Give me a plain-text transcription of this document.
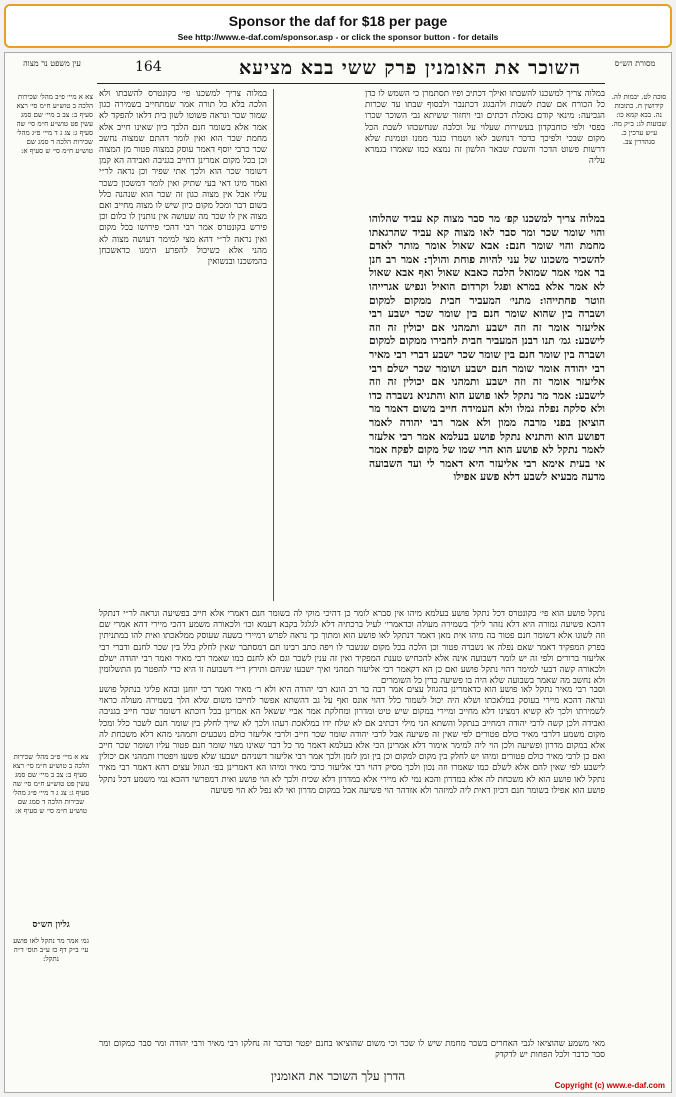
Sponsor the daf for $18 per page
See http://www.e-daf.com/sponsor.asp - or click the sponsor button - for details
מסורת הש״ס
השוכר את האומנין פרק ששי בבא מציעא
164
עין משפט נר מצוה
סוכה לט. יבמות לה. קידושין ח. כתובות נה. בבא קמא כו: שבועות לג: ב״ק מה. ע״ש ערכין כ. סנהדרין צב.
צא א מיי׳ פ״ב מהל׳ שכירות הלכה ב טוש״ע ח״מ סי׳ רצא סעיף ב: צב ב מיי׳ שם סמג עשין פט טוש״ע ח״מ סי׳ שה סעיף ג: צג ג ד מיי׳ פ״ג מהל׳ שכירות הלכה ד סמג שם טוש״ע ח״מ סי׳ ש סעיף א:
במלוה צריך למשכנו להשבתו ואילך דכתיב ופיו תסתמרן כי השמש לו כדן כל הכורח אם שבת לשבות ולהבגוג דכתנבר ולבסוף שבתו עד שכרות הגכיעה: מינאי קודם נאכלת דכתים ובי ויחזור ששיתא גבי השוכר שכרו בפסי ולפי כוחבקדון בעשירות שעלוי על וכלבה שנחשבהו לשבת הכל מקום שבכי ולפיכך כדכר דנחשב לאו ושמרו כנגד ממנו וטמינת שלא דרשות פשוט הדכר והשבת שבאר הלשון זה נמצא כמו שאמרו בגמרא עליה
במלוה צריך למשכנו פי׳ בקונטרס להשבתו ולא הלכה בלא כל תורה אמר שמתחייב בשמירה כגון שמור שכר ונראה פשוטו לשון בית דלאו להפקד לא אמר אלא בשומר חנם הלכך כיון שאינו חייב אלא מחמת שכר הוא ואין לומר דהתם שמצוה נחשב שכר כרבי יוסף דאמר עוסק במצוה פטור מן המצוה וכן בכל מקום אמרינן דחייב בגניבה ואבידה הא קמן דשומר שכר הוא ולכך אתי שפיר וכן נראה לר״י ואמר מיגו דאי בעי שתיק ואין לומר דמשכון כשכר עליו אבל אין מצוה כגון זה שכר הוא שנהנה כלל בשום דבר ומכל מקום כיון שיש לו מצוה מחייב ואם מצוה אין לו שכר מה שעושה אין נותנין לו כלום וכן פירש בקונטרס אמר רבי דהכי פירושו בכל מקום ואין נראה לר״י דהא מצי למימר דעושה מצוה לא מהני אלא כשיכול להפרע הימנו כדאשכחן בהמשכנו ובנשואין
במלוה צריך למשכנו קפ׳ מר סבר מצוה קא עביד שהלוהו והוי שומר שכר ומר סבר לאו מצוה קא עביד שהרגאתו מחמת והוי שומר חנם: אבא שאול אומר מותר לאדם להשכיר משכונו של עני להיות פוחת והולך: אמר רב חנן בר אמי אמר שמואל הלכה כאבא שאול ואף אבא שאול לא אמר אלא במרא ופגל וקרדום הואיל ונפיש אגרייהו וזוטר פחתייהו: מתני׳ המעביר חבית ממקום למקום ושברה בין שהוא שומר חנם בין שומר שכר ישבע רבי אליעזר אומר זה וזה ישבע ותמהני אם יכולין זה וזה לישבע: גמ׳ תנו רבנן המעביר חבית לחבירו ממקום למקום ושברה בין שומר חנם בין שומר שכר ישבע דברי רבי מאיר רבי יהודה אומר שומר חנם ישבע ושומר שכר ישלם רבי אליעזר אומר זה וזה ישבע ותמהני אם יכולין זה וזה לישבע: אמר מר נתקל לאו פושע הוא והתניא נשברה כדו ולא סלקה נפלה גמלו ולא העמידה חייב משום דאמר מר הוציאן בפני מרבה ממון ולא אמר רבי יהודה לאמר דפושע הוא והתניא נתקל פושע בעלמא אמר רבי אלעזר לאמר נתקל לא פושע הוא הרי שמו של מקום לפקח אמר אי בעית אימא רבי אליעזר היא דאמר לי ועד השבועה מדעה מבעיא לשבע דלא פשע אפילו
נתקל פושע הוא פי׳ בקונטרס דכל נתקל פושע בעלמא מיהו אין סברא לומר כן דהיכי מוקי לה בשומר חנם דאמרי אלא חייב בפשיעה ונראה לר״י דנתקל דהכא פשיעה גמורה היא דלא נזהר לילך בשמירה מעולה וכדאמרי׳ לעיל ברכתיה דלא לגלגל בקבא דעמא וכו׳ ולכאורה משמע דהכי מיירי דהא אמרי שם וזה לשונו אלא דשומר חנם פטור בה מיהו אית מאן דאמר דנתקל לאו פושע הוא ומתוך כך נראה לפרש דמיירי בשעה שעוסק ממלאכתו ואית להו במתניתין בפרק המפקיד דאמר שאם נפלה או נשברה פטור וכן הלכה בכל מקום שנשבר לו ויפה כתב רבינו תם דמסתבר שאין לחלק כלל בין שכר לחנם ודברי רבי אליעזר ברורים ולפי זה יש לומר דשבועה אינה אלא להכחיש טענת המפקיד ואין זה ענין לשכר וגם לא לחנם כמו שאמר רבי מאיר ואמר רבי יהודה ישלם ולכאורה קשה דבעי למימר דהוי נתקל פושע ואם כן הא דקאמר רבי אליעזר תמהני ואיך ישבעו שניהם ותירץ ר״י דשבועה זו היא כדי להפטר מן התשלומין ולא נחשב מה שאמר בשבועה שלא היה בו פשיעה כדין כל השומרים
וסבר רבי מאיר נתקל לאו פושע הוא כדאמרינן בהגוזל עצים אמר רבה בר רב הונא רבי יהודה היא ולא ר׳ מאיר ואמר רבי יוחנן ובהא פליגי בנתקל פושע ונראה דהכא מיירי בעוסק במלאכתו ושלא היה יכול לשמור כלל דהוי אונס ואף על גב דהשתא אפשר לחייבו משום שלא הלך בשמירה מעולה כראוי לשמירתו ולכך לא קשיא דמצינו דלא מחייב ומיירי במקום שיש טיט ומדרון ומחלקת אמר אביי ששאל הא אמרינן בכל דוכתא דשומר שכר חייב בגניבה ואבידה ולכן קשה לרבי יהודה דמחייב בנתקל והשתא הני מילי דכתיב אם לא שלח ידו במלאכת רעהו ולכך לא שייך לחלק בין שומר חנם לשכר כלל ומכל מקום משמע דלרבי מאיר כולם פטורים לפי שאין זה פשיעה אבל לרבי יהודה שומר שכר חייב ולרבי אליעזר כולם נשבעים ותמהני מהא דלא משכחת לה אלא במקום מדרון ופשיעה ולכן הוי ליה למימר אימור דלא אמרינן הכי אלא בעלמא דאמר מר כל דבר שאינו מצוי שומר חנם פטור עליו ושומר שכר חייב ואם כן לרבי מאיר כולם פטורים ומיהו יש לחלק בין מקום למקום וכן בין זמן לזמן ולכך אמר רבי אליעזר דשניהם ישבעו שלא פשעו ויפטרו ותמהני אם יכולין לישבע לפי שאין להם אלא לשלם כמו שאמרו וזה נכון ולכך מסיק דהוי רבי אליעזר כרבי מאיר ומיהו הא דאמרינן בפ׳ הגוזל עצים דהא דאמר רבי מאיר נתקל לאו פושע הוא לא משכחת לה אלא במדרון והכא נמי לא מיירי אלא במדרון דלא שכיח ולכך לא הוי פושע ואית דמפרשי דהכא נמי משמע דכל נתקל פושע הוא אפילו בשומר חנם דכיון דאית ליה למיזהר ולא אזדהר הוי פשיעה אבל במקום מדרון ואי לא נפל לא הוי פשיעה
צא א מיי׳ פ״ב מהל׳ שכירות הלכה ב טוש״ע ח״מ סי׳ רצא סעיף ב: צב ב מיי׳ שם סמג עשין פט טוש״ע ח״מ סי׳ שה סעיף ג: צג ג ד מיי׳ פ״ג מהל׳ שכירות הלכה ד סמג שם טוש״ע ח״מ סי׳ ש סעיף א:
גליון הש״ס
גמ׳ אמר מר נתקל לאו פושע עי׳ ב״ק דף כז ע״ב תוס׳ ד״ה נתקל:
מאי משמע שהוציאו לגבי האחרים בשכר מחמת שיש לו שכר וכי משום שהוציאו בחנם יפטר ובדבר זה נחלקו רבי מאיר ורבי יהודה ומר סבר כמקום ומר סבר כדבר ולכל הפחות יש לדקדק
הדרן עלך השוכר את האומנין
Copyright (c) www.e-daf.com
